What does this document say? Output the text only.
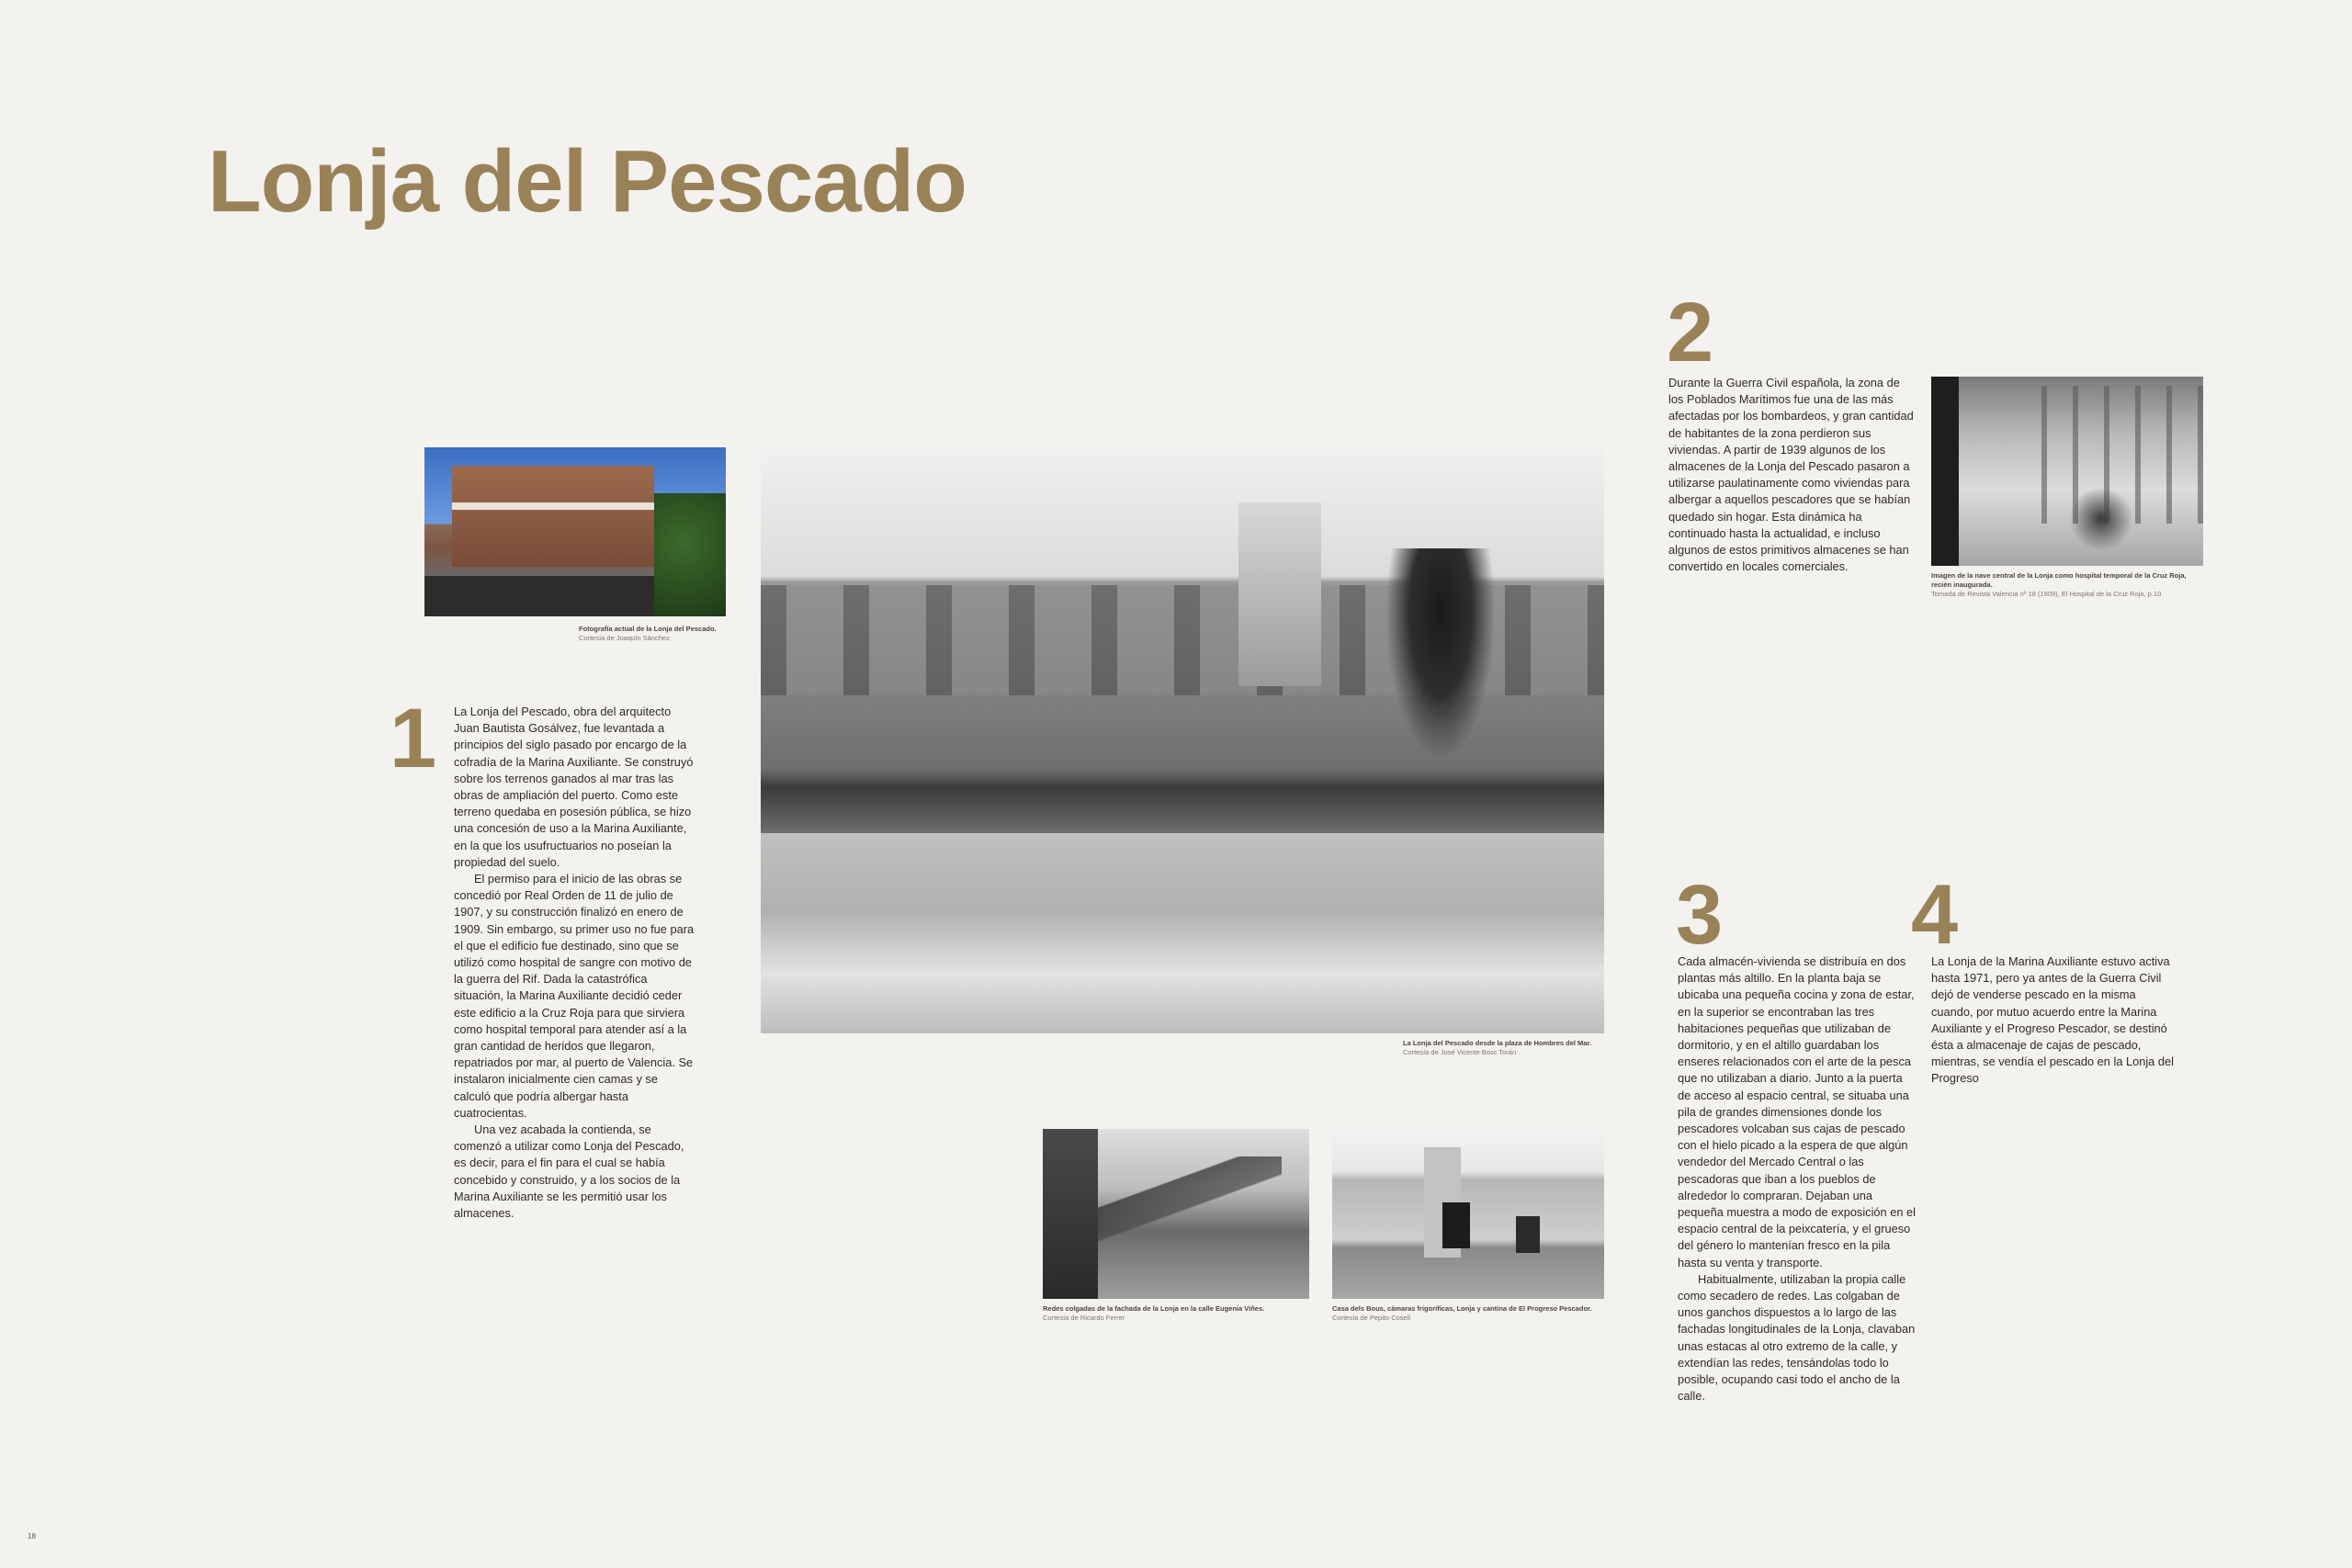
Lonja del Pescado
Fotografía actual de la Lonja del Pescado.
Cortesía de Joaquín Sánchez
La Lonja del Pescado desde la plaza de Hombres del Mar.
Cortesía de José Vicente Bosc Torán
1 La Lonja del Pescado, obra del arquitecto Juan Bautista Gosálvez, fue levantada a principios del siglo pasado por encargo de la cofradía de la Marina Auxiliante. Se construyó sobre los terrenos ganados al mar tras las obras de ampliación del puerto. Como este terreno quedaba en posesión pública, se hizo una concesión de uso a la Marina Auxiliante, en la que los usufructuarios no poseían la propiedad del suelo.

El permiso para el inicio de las obras se concedió por Real Orden de 11 de julio de 1907, y su construcción finalizó en enero de 1909. Sin embargo, su primer uso no fue para el que el edificio fue destinado, sino que se utilizó como hospital de sangre con motivo de la guerra del Rif. Dada la catastrófica situación, la Marina Auxiliante decidió ceder este edificio a la Cruz Roja para que sirviera como hospital temporal para atender así a la gran cantidad de heridos que llegaron, repatriados por mar, al puerto de Valencia. Se instalaron inicialmente cien camas y se calculó que podría albergar hasta cuatrocientas.

Una vez acabada la contienda, se comenzó a utilizar como Lonja del Pescado, es decir, para el fin para el cual se había concebido y construido, y a los socios de la Marina Auxiliante se les permitió usar los almacenes.

2

Durante la Guerra Civil española, la zona de los Poblados Marítimos fue una de las más afectadas por los bombardeos, y gran cantidad de habitantes de la zona perdieron sus viviendas. A partir de 1939 algunos de los almacenes de la Lonja del Pescado pasaron a utilizarse paulatinamente como viviendas para albergar a aquellos pescadores que se habían quedado sin hogar. Esta dinámica ha continuado hasta la actualidad, e incluso algunos de estos primitivos almacenes se han convertido en locales comerciales.

Imagen de la nave central de la Lonja como hospital temporal de la Cruz Roja, recién inaugurada.
Tomada de Revista Valencia nº 18 (1909), El Hospital de la Cruz Roja, p.10
3

Cada almacén-vivienda se distribuía en dos plantas más altillo. En la planta baja se ubicaba una pequeña cocina y zona de estar, en la superior se encontraban las tres habitaciones pequeñas que utilizaban de dormitorio, y en el altillo guardaban los enseres relacionados con el arte de la pesca que no utilizaban a diario. Junto a la puerta de acceso al espacio central, se situaba una pila de grandes dimensiones donde los pescadores volcaban sus cajas de pescado con el hielo picado a la espera de que algún vendedor del Mercado Central o las pescadoras que iban a los pueblos de alrededor lo compraran. Dejaban una pequeña muestra a modo de exposición en el espacio central de la peixcatería, y el grueso del género lo mantenían fresco en la pila hasta su venta y transporte.

Habitualmente, utilizaban la propia calle como secadero de redes. Las colgaban de unos ganchos dispuestos a lo largo de las fachadas longitudinales de la Lonja, clavaban unas estacas al otro extremo de la calle, y extendían las redes, tensándolas todo lo posible, ocupando casi todo el ancho de la calle.

4

La Lonja de la Marina Auxiliante estuvo activa hasta 1971, pero ya antes de la Guerra Civil dejó de venderse pescado en la misma cuando, por mutuo acuerdo entre la Marina Auxiliante y el Progreso Pescador, se destinó ésta a almacenaje de cajas de pescado, mientras, se vendía el pescado en la Lonja del Progreso

Redes colgadas de la fachada de la Lonja en la calle Eugenia Viñes.
Cortesía de Ricardo Ferrer
Casa dels Bous, cámaras frigoríficas, Lonja y cantina de El Progreso Pescador.
Cortesía de Pepito Cosell
18
